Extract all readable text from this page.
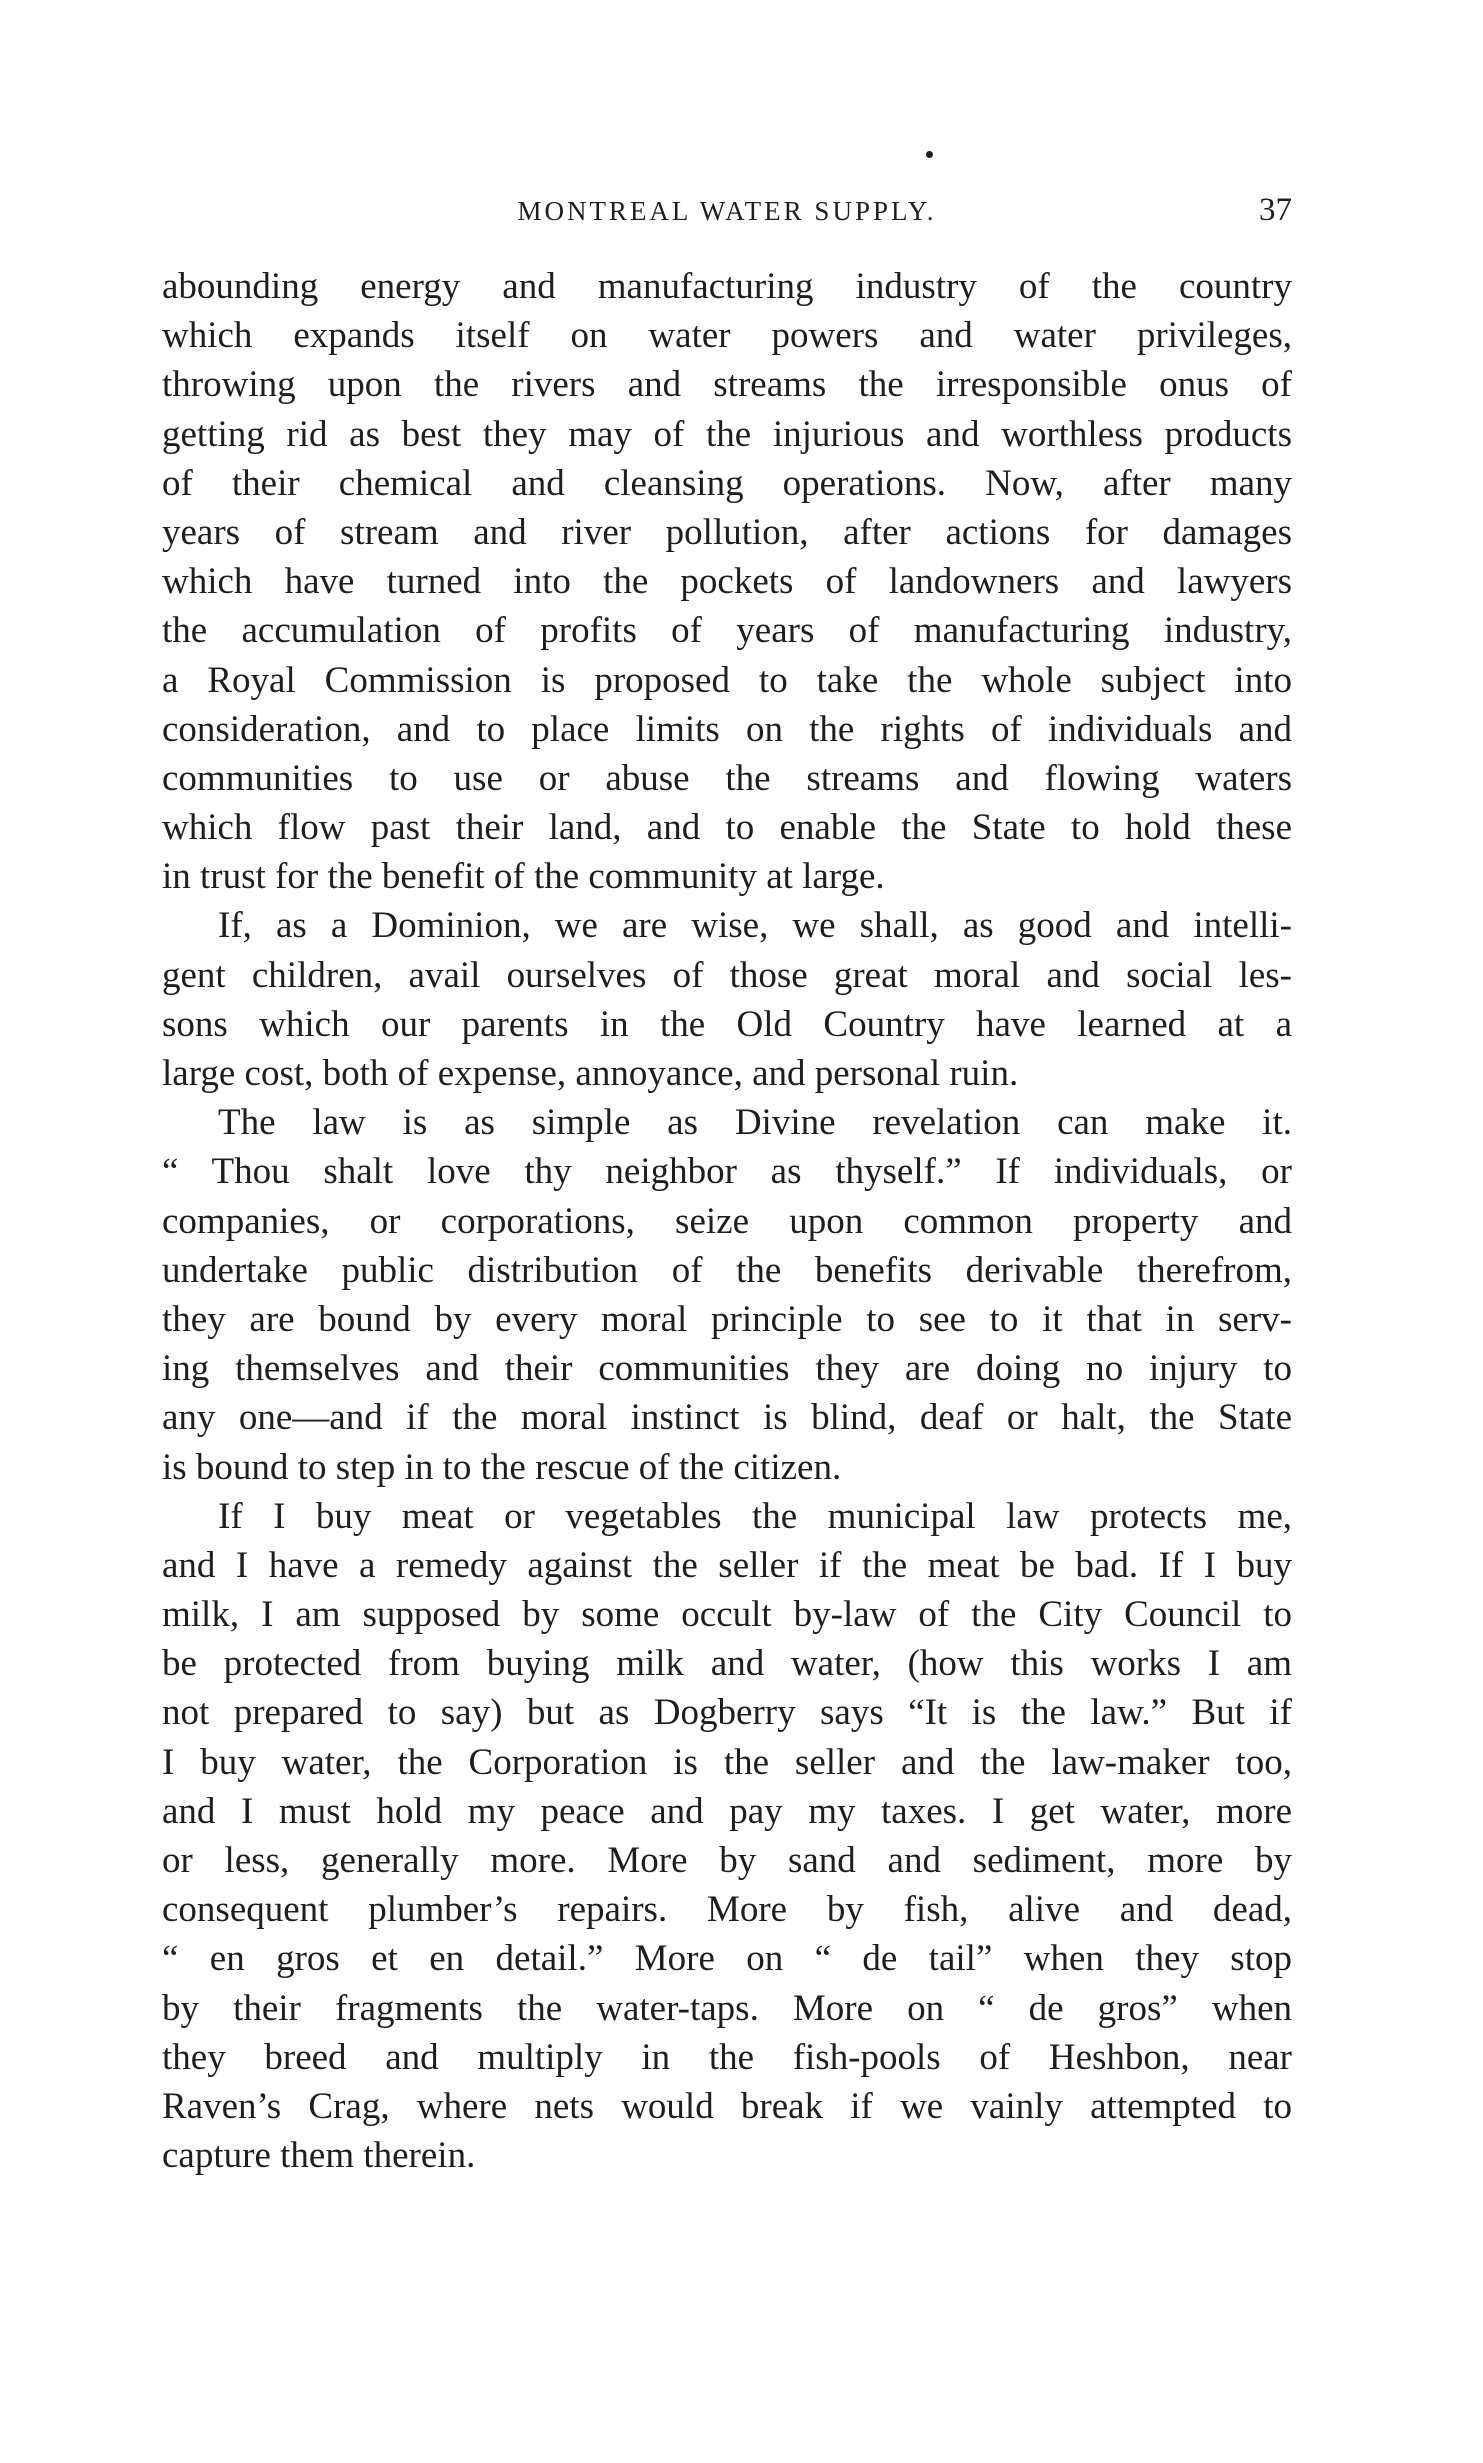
MONTREAL WATER SUPPLY.	37
abounding energy and manufacturing industry of the country
which expands itself on water powers and water privileges,
throwing upon the rivers and streams the irresponsible onus of
getting rid as best they may of the injurious and worthless products
of their chemical and cleansing operations. Now, after many
years of stream and river pollution, after actions for damages
which have turned into the pockets of landowners and lawyers
the accumulation of profits of years of manufacturing industry,
a Royal Commission is proposed to take the whole subject into
consideration, and to place limits on the rights of individuals and
communities to use or abuse the streams and flowing waters
which flow past their land, and to enable the State to hold these
in trust for the benefit of the community at large.
If, as a Dominion, we are wise, we shall, as good and intelli-
gent children, avail ourselves of those great moral and social les-
sons which our parents in the Old Country have learned at a
large cost, both of expense, annoyance, and personal ruin.
The law is as simple as Divine revelation can make it.
“ Thou shalt love thy neighbor as thyself.” If individuals, or
companies, or corporations, seize upon common property and
undertake public distribution of the benefits derivable therefrom,
they are bound by every moral principle to see to it that in serv-
ing themselves and their communities they are doing no injury to
any one—and if the moral instinct is blind, deaf or halt, the State
is bound to step in to the rescue of the citizen.
If I buy meat or vegetables the municipal law protects me,
and I have a remedy against the seller if the meat be bad. If I buy
milk, I am supposed by some occult by-law of the City Council to
be protected from buying milk and water, (how this works I am
not prepared to say) but as Dogberry says “It is the law.” But if
I buy water, the Corporation is the seller and the law-maker too,
and I must hold my peace and pay my taxes. I get water, more
or less, generally more. More by sand and sediment, more by
consequent plumber’s repairs. More by fish, alive and dead,
“ en gros et en detail.” More on “ de tail” when they stop
by their fragments the water-taps. More on “ de gros” when
they breed and multiply in the fish-pools of Heshbon, near
Raven’s Crag, where nets would break if we vainly attempted to
capture them therein.
